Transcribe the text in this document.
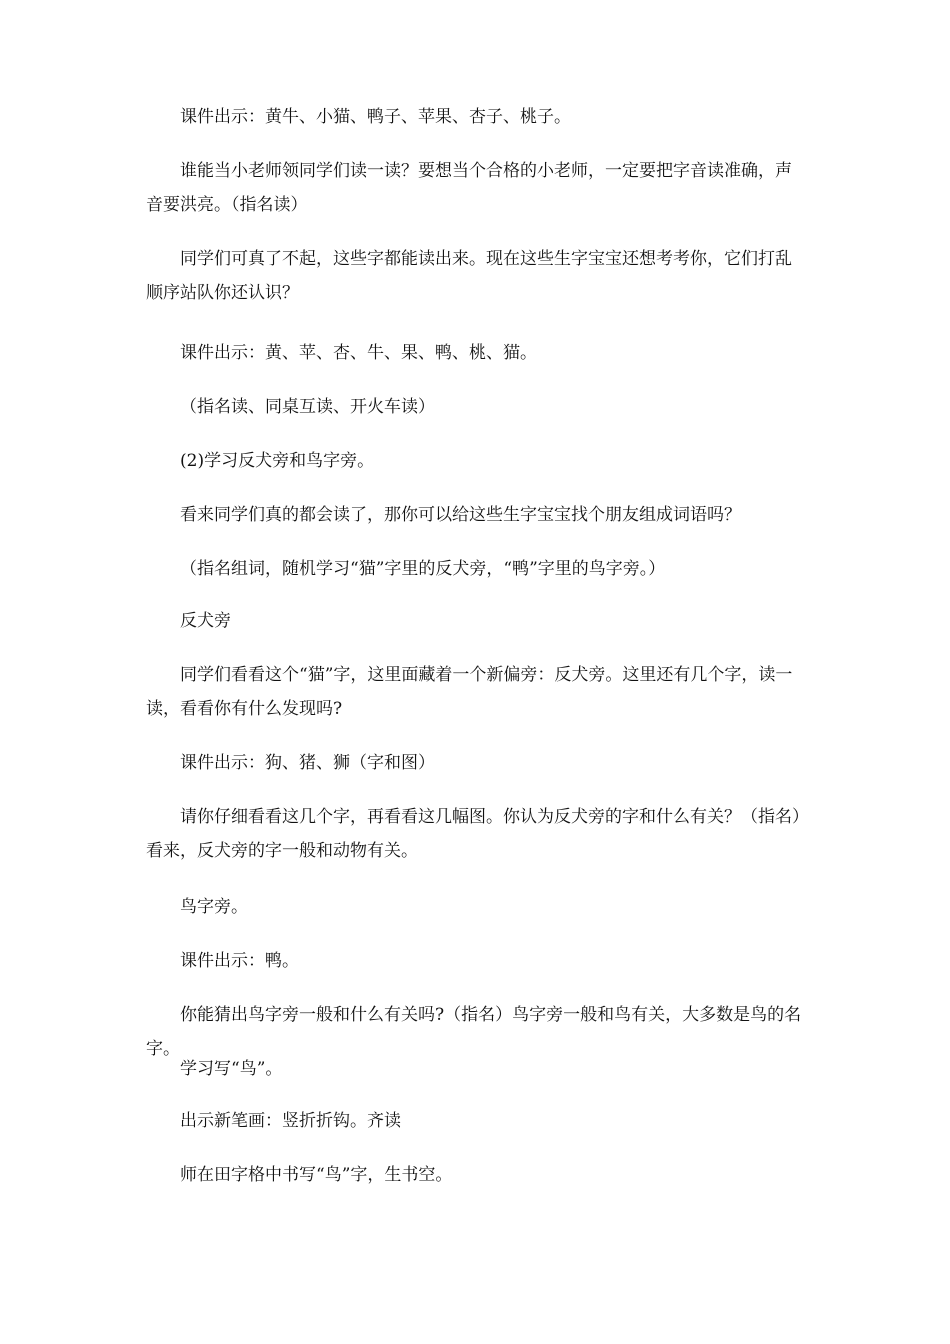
课件出示：黄牛、小猫、鸭子、苹果、杏子、桃子。

谁能当小老师领同学们读一读？要想当个合格的小老师，一定要把字音读准确，声音要洪亮。（指名读）

同学们可真了不起，这些字都能读出来。现在这些生字宝宝还想考考你，它们打乱顺序站队你还认识？

课件出示：黄、苹、杏、牛、果、鸭、桃、猫。

（指名读、同桌互读、开火车读）

(2)学习反犬旁和鸟字旁。

看来同学们真的都会读了，那你可以给这些生字宝宝找个朋友组成词语吗？

（指名组词，随机学习“猫”字里的反犬旁，“鸭”字里的鸟字旁。）

反犬旁

同学们看看这个“猫”字，这里面藏着一个新偏旁：反犬旁。这里还有几个字，读一读，看看你有什么发现吗?

课件出示：狗、猪、狮（字和图）

请你仔细看看这几个字，再看看这几幅图。你认为反犬旁的字和什么有关？（指名）看来，反犬旁的字一般和动物有关。

鸟字旁。

课件出示：鸭。

你能猜出鸟字旁一般和什么有关吗?（指名）鸟字旁一般和鸟有关，大多数是鸟的名字。

学习写“鸟”。

出示新笔画：竖折折钩。齐读

师在田字格中书写“鸟”字，生书空。
